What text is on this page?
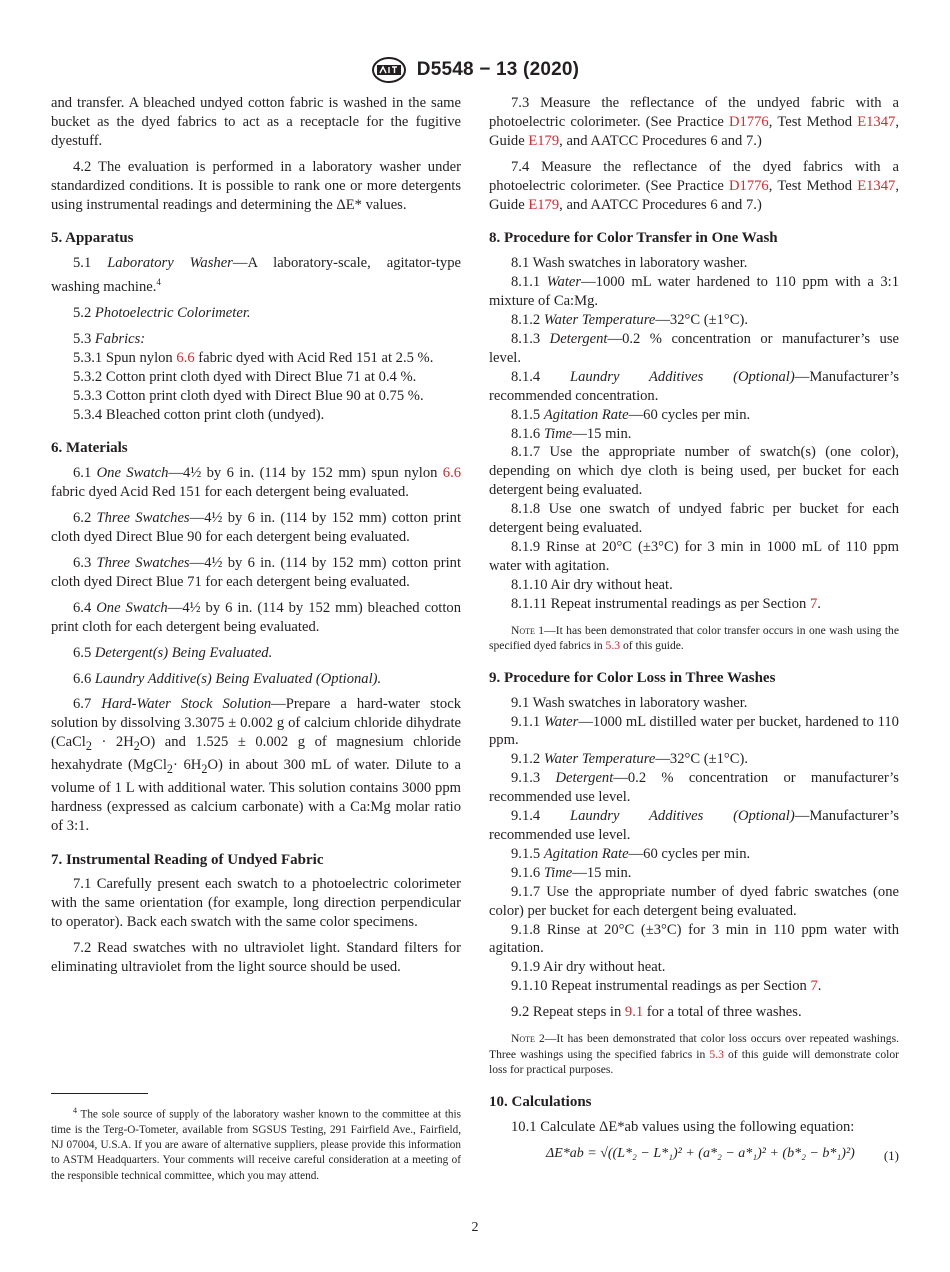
D5548 − 13 (2020)

and transfer. A bleached undyed cotton fabric is washed in the same bucket as the dyed fabrics to act as a receptacle for the fugitive dyestuff.

4.2 The evaluation is performed in a laboratory washer under standardized conditions. It is possible to rank one or more detergents using instrumental readings and determining the ΔE* values.

5. Apparatus

5.1 Laboratory Washer—A laboratory-scale, agitator-type washing machine.$^4$

5.2 Photoelectric Colorimeter.

5.3 Fabrics:

5.3.1 Spun nylon 6.6 fabric dyed with Acid Red 151 at 2.5 %.

5.3.2 Cotton print cloth dyed with Direct Blue 71 at 0.4 %.

5.3.3 Cotton print cloth dyed with Direct Blue 90 at 0.75 %.

5.3.4 Bleached cotton print cloth (undyed).

6. Materials

6.1 One Swatch—4½ by 6 in. (114 by 152 mm) spun nylon 6.6 fabric dyed Acid Red 151 for each detergent being evaluated.

6.2 Three Swatches—4½ by 6 in. (114 by 152 mm) cotton print cloth dyed Direct Blue 90 for each detergent being evaluated.

6.3 Three Swatches—4½ by 6 in. (114 by 152 mm) cotton print cloth dyed Direct Blue 71 for each detergent being evaluated.

6.4 One Swatch—4½ by 6 in. (114 by 152 mm) bleached cotton print cloth for each detergent being evaluated.

6.5 Detergent(s) Being Evaluated.

6.6 Laundry Additive(s) Being Evaluated (Optional).

6.7 Hard-Water Stock Solution—Prepare a hard-water stock solution by dissolving 3.3075 ± 0.002 g of calcium chloride dihydrate (CaCl$_2$ · $2H_2O$) and 1.525 ± 0.002 g of magnesium chloride hexahydrate (MgCl$_2$· $6H_2O$) in about 300 mL of water. Dilute to a volume of 1 L with additional water. This solution contains 3000 ppm hardness (expressed as calcium carbonate) with a Ca:Mg molar ratio of 3:1.

7. Instrumental Reading of Undyed Fabric

7.1 Carefully present each swatch to a photoelectric colorimeter with the same orientation (for example, long direction perpendicular to operator). Back each swatch with the same color specimens.

7.2 Read swatches with no ultraviolet light. Standard filters for eliminating ultraviolet from the light source should be used.

$^4$ The sole source of supply of the laboratory washer known to the committee at this time is the Terg-O-Tometer, available from SGSUS Testing, 291 Fairfield Ave., Fairfield, NJ 07004, U.S.A. If you are aware of alternative suppliers, please provide this information to ASTM Headquarters. Your comments will receive careful consideration at a meeting of the responsible technical committee, which you may attend.

7.3 Measure the reflectance of the undyed fabric with a photoelectric colorimeter. (See Practice D1776, Test Method E1347, Guide E179, and AATCC Procedures 6 and 7.)

7.4 Measure the reflectance of the dyed fabrics with a photoelectric colorimeter. (See Practice D1776, Test Method E1347, Guide E179, and AATCC Procedures 6 and 7.)

8. Procedure for Color Transfer in One Wash

8.1 Wash swatches in laboratory washer.

8.1.1 Water—1000 mL water hardened to 110 ppm with a 3:1 mixture of Ca:Mg.

8.1.2 Water Temperature—32°C (±1°C).

8.1.3 Detergent—0.2 % concentration or manufacturer’s use level.

8.1.4 Laundry Additives (Optional)—Manufacturer’s recommended concentration.

8.1.5 Agitation Rate—60 cycles per min.

8.1.6 Time—15 min.

8.1.7 Use the appropriate number of swatch(s) (one color), depending on which dye cloth is being used, per bucket for each detergent being evaluated.

8.1.8 Use one swatch of undyed fabric per bucket for each detergent being evaluated.

8.1.9 Rinse at 20°C (±3°C) for 3 min in 1000 mL of 110 ppm water with agitation.

8.1.10 Air dry without heat.

8.1.11 Repeat instrumental readings as per Section 7.

Note 1—It has been demonstrated that color transfer occurs in one wash using the specified dyed fabrics in 5.3 of this guide.

9. Procedure for Color Loss in Three Washes

9.1 Wash swatches in laboratory washer.

9.1.1 Water—1000 mL distilled water per bucket, hardened to 110 ppm.

9.1.2 Water Temperature—32°C (±1°C).

9.1.3 Detergent—0.2 % concentration or manufacturer’s recommended use level.

9.1.4 Laundry Additives (Optional)—Manufacturer’s recommended use level.

9.1.5 Agitation Rate—60 cycles per min.

9.1.6 Time—15 min.

9.1.7 Use the appropriate number of dyed fabric swatches (one color) per bucket for each detergent being evaluated.

9.1.8 Rinse at 20°C (±3°C) for 3 min in 110 ppm water with agitation.

9.1.9 Air dry without heat.

9.1.10 Repeat instrumental readings as per Section 7.

9.2 Repeat steps in 9.1 for a total of three washes.

Note 2—It has been demonstrated that color loss occurs over repeated washings. Three washings using the specified fabrics in 5.3 of this guide will demonstrate color loss for practical purposes.

10. Calculations

10.1 Calculate ΔE*ab values using the following equation:

ΔE*ab = √((L*₂ − L*₁)² + (a*₂ − a*₁)² + (b*₂ − b*₁)²) (1)
2
